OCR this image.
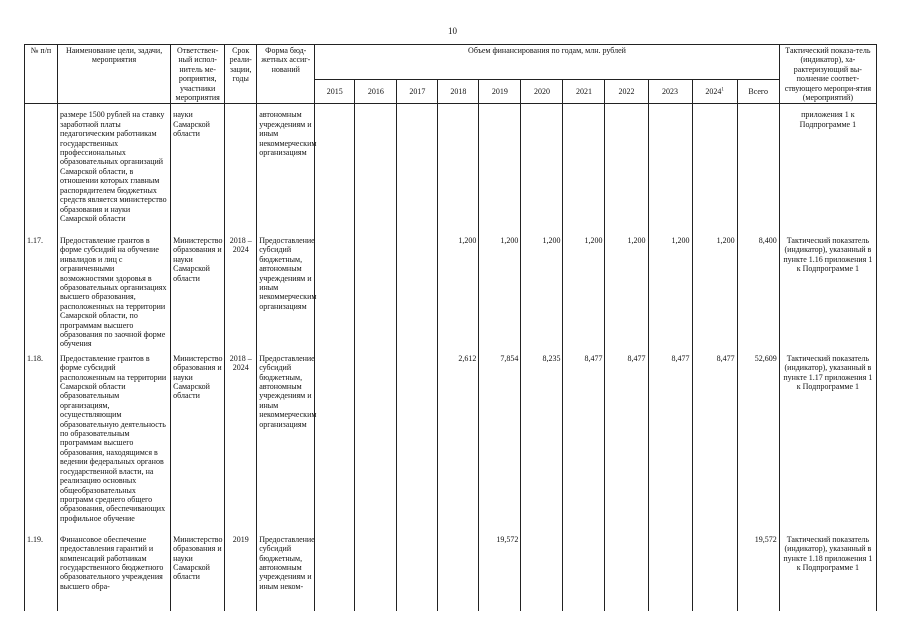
10
№ п/п	Наименование цели, задачи, мероприятия	Ответствен-ный испол-нитель ме-роприятия, участники мероприятия	Срок реали-зации, годы	Форма бюд-жетных ассиг-нований	Объем финансирования по годам, млн. рублей											Тактический показа-тель (индикатор), ха-рактеризующий вы-полнение соответ-ствующего меропри-ятия (мероприятий)
					2015	2016	2017	2018	2019	2020	2021	2022	2023	2024$^1$	Всего	
	размере 1500 рублей на ставку заработной платы педагогическим работникам государственных профессиональных образовательных организаций Самарской области, в отношении которых главным распорядителем бюджетных средств является министерство образования и науки Самарской области	науки Самарской области		автономным учреждениям и иным некоммерческим организациям												приложения 1 к Подпрограмме 1
1.17.	Предоставление грантов в форме субсидий на обучение инвалидов и лиц с ограниченными возможностями здоровья в образовательных организациях высшего образования, расположенных на территории Самарской области, по программам высшего образования по заочной форме обучения	Министерство образования и науки Самарской области	2018 – 2024	Предоставление субсидий бюджетным, автономным учреждениям и иным некоммерческим организациям				1,200	1,200	1,200	1,200	1,200	1,200	1,200	8,400	Тактический показатель (индикатор), указанный в пункте 1.16 приложения 1 к Подпрограмме 1
1.18.	Предоставление грантов в форме субсидий расположенным на территории Самарской области образовательным организациям, осуществляющим образовательную деятельность по образовательным программам высшего образования, находящимся в ведении федеральных органов государственной власти, на реализацию основных общеобразовательных программ среднего общего образования, обеспечивающих профильное обучение	Министерство образования и науки Самарской области	2018 – 2024	Предоставление субсидий бюджетным, автономным учреждениям и иным некоммерческим организациям				2,612	7,854	8,235	8,477	8,477	8,477	8,477	52,609	Тактический показатель (индикатор), указанный в пункте 1.17 приложения 1 к Подпрограмме 1
1.19.	Финансовое обеспечение предоставления гарантий и компенсаций работникам государственного бюджетного образовательного учреждения высшего обра-	Министерство образования и науки Самарской области	2019	Предоставление субсидий бюджетным, автономным учреждениям и иным неком-					19,572						19,572	Тактический показатель (индикатор), указанный в пункте 1.18 приложения 1 к Подпрограмме 1
